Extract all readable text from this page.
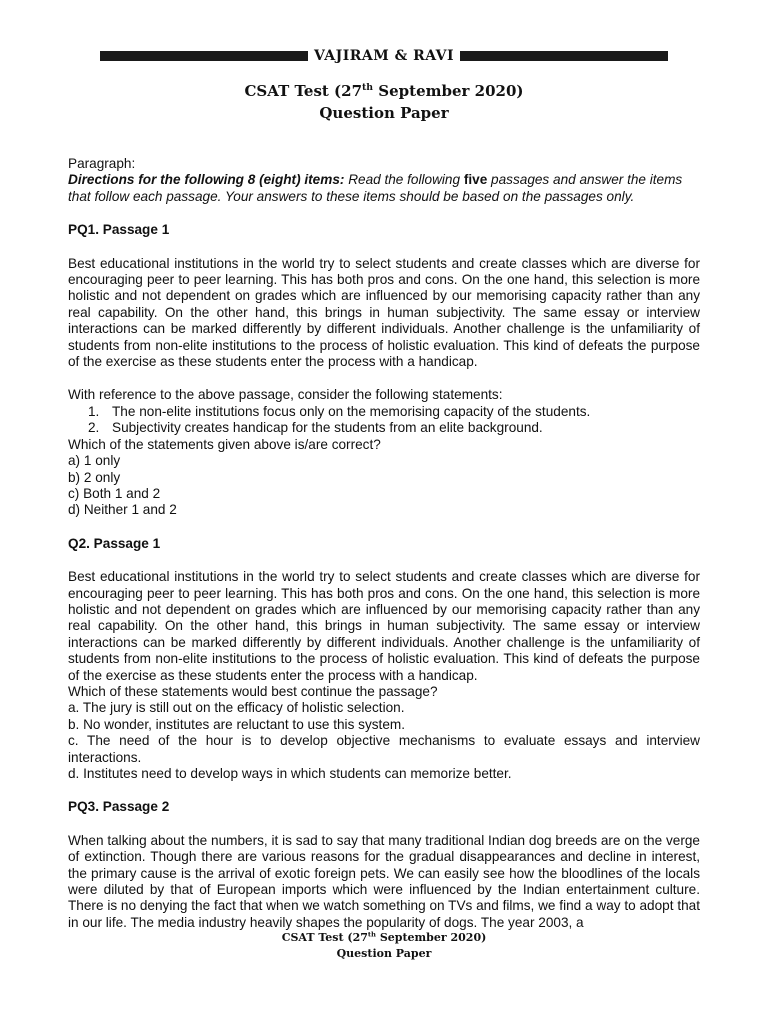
VAJIRAM & RAVI
CSAT Test (27th September 2020)
Question Paper

Paragraph:

Directions for the following 8 (eight) items: Read the following five passages and answer the items that follow each passage. Your answers to these items should be based on the passages only.

PQ1. Passage 1

Best educational institutions in the world try to select students and create classes which are diverse for encouraging peer to peer learning. This has both pros and cons. On the one hand, this selection is more holistic and not dependent on grades which are influenced by our memorising capacity rather than any real capability. On the other hand, this brings in human subjectivity. The same essay or interview interactions can be marked differently by different individuals. Another challenge is the unfamiliarity of students from non-elite institutions to the process of holistic evaluation. This kind of defeats the purpose of the exercise as these students enter the process with a handicap.

With reference to the above passage, consider the following statements:

1. The non-elite institutions focus only on the memorising capacity of the students.

2. Subjectivity creates handicap for the students from an elite background.

Which of the statements given above is/are correct?

a) 1 only

b) 2 only

c) Both 1 and 2

d) Neither 1 and 2

Q2. Passage 1

Best educational institutions in the world try to select students and create classes which are diverse for encouraging peer to peer learning. This has both pros and cons. On the one hand, this selection is more holistic and not dependent on grades which are influenced by our memorising capacity rather than any real capability. On the other hand, this brings in human subjectivity. The same essay or interview interactions can be marked differently by different individuals. Another challenge is the unfamiliarity of students from non-elite institutions to the process of holistic evaluation. This kind of defeats the purpose of the exercise as these students enter the process with a handicap.

Which of these statements would best continue the passage?

a. The jury is still out on the efficacy of holistic selection.

b. No wonder, institutes are reluctant to use this system.

c. The need of the hour is to develop objective mechanisms to evaluate essays and interview interactions.

d. Institutes need to develop ways in which students can memorize better.

PQ3. Passage 2

When talking about the numbers, it is sad to say that many traditional Indian dog breeds are on the verge of extinction. Though there are various reasons for the gradual disappearances and decline in interest, the primary cause is the arrival of exotic foreign pets. We can easily see how the bloodlines of the locals were diluted by that of European imports which were influenced by the Indian entertainment culture. There is no denying the fact that when we watch something on TVs and films, we find a way to adopt that in our life. The media industry heavily shapes the popularity of dogs. The year 2003, a

CSAT Test (27th September 2020)
Question Paper
